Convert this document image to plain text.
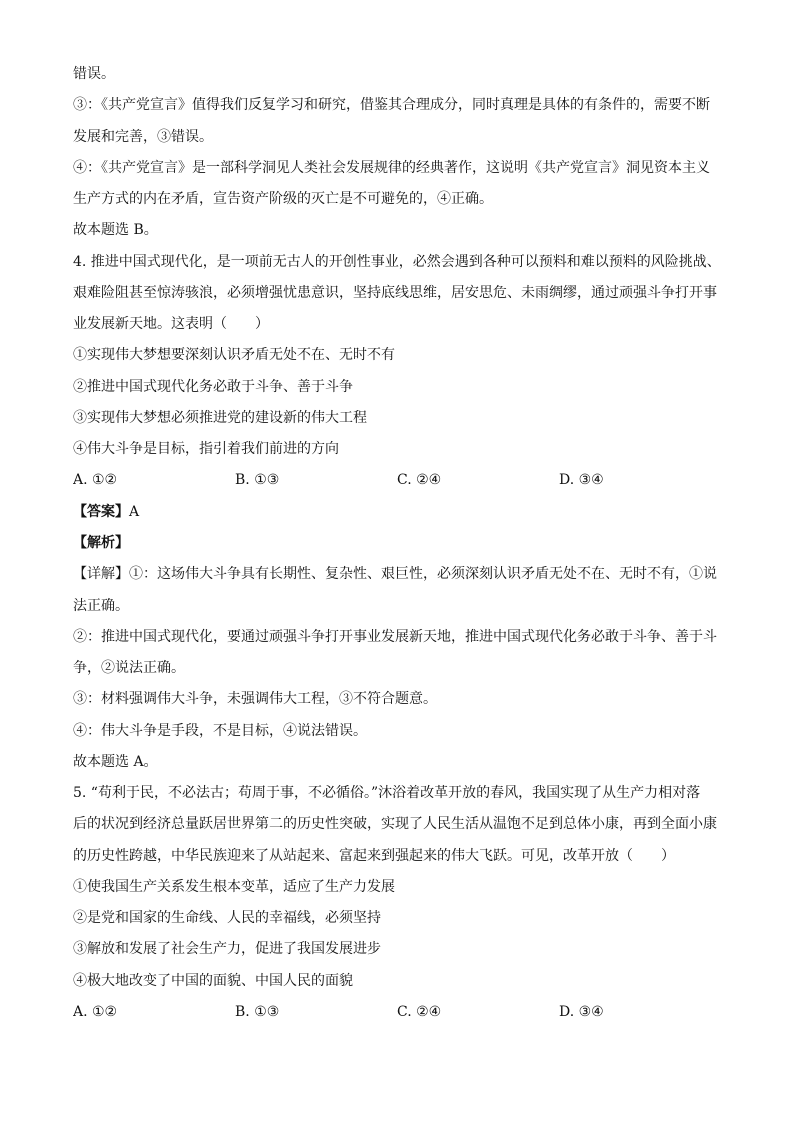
错误。
③：《共产党宣言》值得我们反复学习和研究，借鉴其合理成分，同时真理是具体的有条件的，需要不断
发展和完善，③错误。
④：《共产党宣言》是一部科学洞见人类社会发展规律的经典著作，这说明《共产党宣言》洞见资本主义
生产方式的内在矛盾，宣告资产阶级的灭亡是不可避免的，④正确。
故本题选 B。
4. 推进中国式现代化，是一项前无古人的开创性事业，必然会遇到各种可以预料和难以预料的风险挑战、
艰难险阻甚至惊涛骇浪，必须增强忧患意识，坚持底线思维，居安思危、未雨绸缪，通过顽强斗争打开事
业发展新天地。这表明（　　）
①实现伟大梦想要深刻认识矛盾无处不在、无时不有
②推进中国式现代化务必敢于斗争、善于斗争
③实现伟大梦想必须推进党的建设新的伟大工程
④伟大斗争是目标，指引着我们前进的方向
A. ①②	B. ①③	C. ②④	D. ③④
【答案】A
【解析】
【详解】①：这场伟大斗争具有长期性、复杂性、艰巨性，必须深刻认识矛盾无处不在、无时不有，①说
法正确。
②：推进中国式现代化，要通过顽强斗争打开事业发展新天地，推进中国式现代化务必敢于斗争、善于斗
争，②说法正确。
③：材料强调伟大斗争，未强调伟大工程，③不符合题意。
④：伟大斗争是手段，不是目标，④说法错误。
故本题选 A。
5. “苟利于民，不必法古；苟周于事，不必循俗。”沐浴着改革开放的春风，我国实现了从生产力相对落
后的状况到经济总量跃居世界第二的历史性突破，实现了人民生活从温饱不足到总体小康，再到全面小康
的历史性跨越，中华民族迎来了从站起来、富起来到强起来的伟大飞跃。可见，改革开放（　　）
①使我国生产关系发生根本变革，适应了生产力发展
②是党和国家的生命线、人民的幸福线，必须坚持
③解放和发展了社会生产力，促进了我国发展进步
④极大地改变了中国的面貌、中国人民的面貌
A. ①②	B. ①③	C. ②④	D. ③④
